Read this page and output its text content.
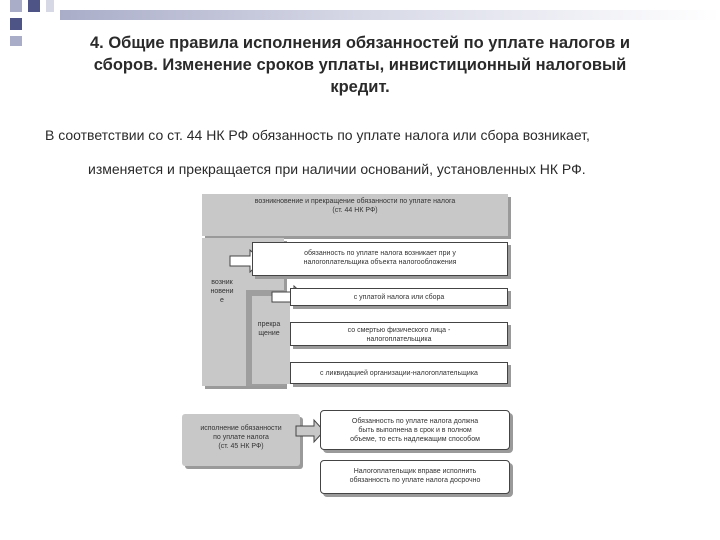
4. Общие правила исполнения обязанностей по уплате налогов и
сборов. Изменение сроков уплаты, инвистиционный налоговый
кредит.
В соответствии со ст. 44 НК РФ обязанность по уплате налога или сбора возникает,
изменяется и прекращается при наличии оснований, установленных НК РФ.
возникновение и прекращение обязанности по уплате налога
(ст. 44 НК РФ)
возник
новени
е
прекра
щение
обязанность по уплате налога возникает при у
налогоплательщика объекта налогообложения
с уплатой налога или сбора
со смертью физического лица -
налогоплательщика
с ликвидацией организации-налогоплательщика
исполнение обязанности
по уплате налога
(ст. 45 НК РФ)
Обязанность по уплате налога должна
быть выполнена в срок и в полном
объеме, то есть надлежащим способом
Налогоплательщик вправе исполнить
обязанность по уплате налога досрочно
